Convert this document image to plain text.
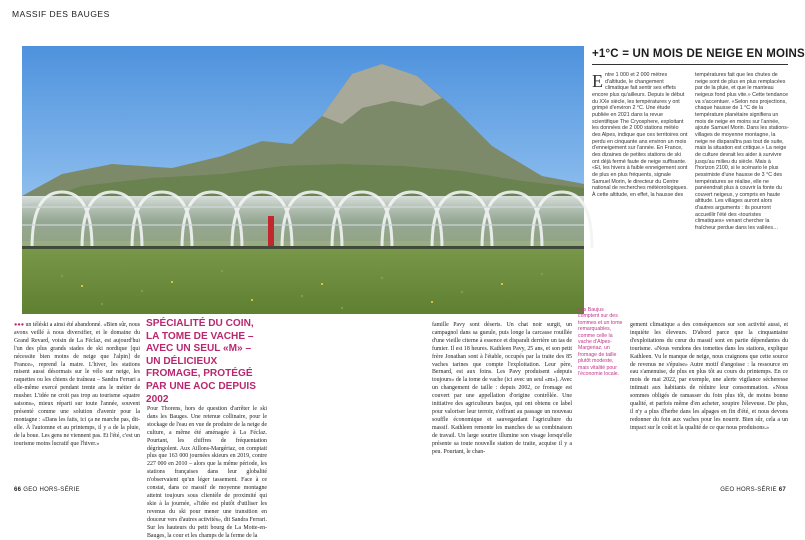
MASSIF DES BAUGES
+1°C = UN MOIS DE NEIGE EN MOINS

Entre 1 000 et 2 000 mètres d'altitude, le changement climatique fait sentir ses effets encore plus qu'ailleurs. Depuis le début du XXe siècle, les températures y ont grimpé d'environ 2 °C. Une étude publiée en 2021 dans la revue scientifique The Cryosphere, exploitant les données de 2 000 stations météo des Alpes, indique que ces territoires ont perdu en cinquante ans environ un mois d'enneigement sur l'année. En France, des dizaines de petites stations de ski ont déjà fermé faute de neige suffisante. «Et, les hivers à faible enneigement sont de plus en plus fréquents, signale Samuel Morin, le directeur du Centre national de recherches météorologiques. À cette altitude, en effet, la hausse des

températures fait que les chutes de neige sont de plus en plus remplacées par de la pluie, et que le manteau neigeux fond plus vite.» Cette tendance va s'accentuer. «Selon nos projections, chaque hausse de 1 °C de la température planétaire signifiera un mois de neige en moins sur l'année, ajoute Samuel Morin. Dans les stations-villages de moyenne montagne, la neige ne disparaîtra pas tout de suite, mais la situation est critique.» La neige de culture devrait les aider à survivre jusqu'au milieu du siècle. Mais à l'horizon 2100, si le scénario le plus pessimiste d'une hausse de 3 °C des températures se réalise, elle ne parviendrait plus à couvrir la fonte du couvert neigeux, y compris en haute altitude. Les villages auront alors d'autres arguments : ils pourront accueillir l'été des «touristes climatiques» venant chercher la fraîcheur perdue dans les vallées…

SPÉCIALITÉ DU COIN, LA TOME DE VACHE – AVEC UN SEUL «M» – UN DÉLICIEUX FROMAGE, PROTÉGÉ PAR UNE AOC DEPUIS 2002
Les Baujus comptent sur des tommes et un tome remarquables, comme celle la vache d'Alpes-Margeriaz, un fromage de taille plutôt modeste, mais vitalité pour l'économie locale.

●●● un téléski a ainsi été abandonné. «Bien sûr, nous avons veillé à nous diversifier, et le domaine du Grand Revard, voisin de La Féclaz, est aujourd'hui l'un des plus grands stades de ski nordique [qui nécessite bien moins de neige que l'alpin] de France», reprend la maire. L'hiver, les stations misent aussi désormais sur le vélo sur neige, les raquettes ou les chiens de traîneau – Sandra Ferrari a elle-même exercé pendant trente ans le métier de musher. L'idée ne croit pas trop au tourisme «quatre saisons», mieux réparti sur toute l'année, souvent présenté comme une solution d'avenir pour la montagne : «Dans les faits, ici ça ne marche pas, dit-elle. À l'automne et au printemps, il y a de la pluie, de la boue. Les gens ne viennent pas. Et l'été, c'est un tourisme moins lucratif que l'hiver.»

Pour Thorens, hors de question d'arrêter le ski dans les Bauges. Une retenue collinaire, pour le stockage de l'eau en vue de produire de la neige de culture, a même été aménagée à La Féclaz. Pourtant, les chiffres de fréquentation dégringolent. Aux Aillons-Margériaz, on comptait plus que 163 000 journées skieurs en 2019, contre 227 000 en 2010 – alors que la même période, les stations françaises dans leur globalité n'observaient qu'un léger tassement. Face à ce constat, dans ce massif de moyenne montagne atteint toujours sous clientèle de proximité qui skie à la journée, «l'idée est plutôt d'utiliser les revenus du ski pour mener une transition en douceur vers d'autres activités», dit Sandra Ferrari. Sur les hauteurs du petit bourg de La Motte-en-Bauges, la cour et les champs de la ferme de la

famille Pavy sont déserts. Un chat noir surgit, un campagnol dans sa gueule, puis longe la carcasse rouillée d'une vieille citerne à essence et disparaît derrière un tas de fumier. Il est 18 heures. Kathleen Pavy, 25 ans, et son petit frère Jonathan sont à l'étable, occupés par la traite des 85 vaches tarines que compte l'exploitation. Leur père, Bernard, est aux foins. Les Pavy produisent «depuis toujours» de la tome de vache (ici avec un seul «m»). Avec un changement de taille : depuis 2002, ce fromage est couvert par une appellation d'origine contrôlée. Une initiative des agriculteurs baujus, qui ont obtenu ce label pour valoriser leur terroir, s'offrant au passage un nouveau souffle économique et sauvegardant l'agriculture du massif. Kathleen remonte les manches de sa combinaison de travail. Un large sourire illumine son visage lorsqu'elle présente sa toute nouvelle station de traite, acquise il y a peu. Pourtant, le chan-

gement climatique a des conséquences sur son activité aussi, et inquiète les éleveurs. D'abord parce que la cinquantaine d'exploitations du cœur du massif sont en partie dépendantes du tourisme. «Nous vendons des tomettes dans les stations, explique Kathleen. Vu le manque de neige, nous craignons que cette source de revenus ne s'épuise» Autre motif d'angoisse : la ressource en eau s'amenuise, de plus en plus tôt au cours du printemps. En ce mois de mai 2022, par exemple, une alerte vigilance sécheresse intimait aux habitants de réduire leur consommation. «Nous sommes obligés de ramasser du foin plus tôt, de moins bonne qualité, et parfois même d'en acheter, soupire l'éleveuse. De plus, il n'y a plus d'herbe dans les alpages en fin d'été, et nous devons redonner du foin aux vaches pour les nourrir. Bien sûr, cela a un impact sur le coût et la qualité de ce que nous produisons.»

66 GEO HORS-SÉRIE	GEO HORS-SÉRIE 67
